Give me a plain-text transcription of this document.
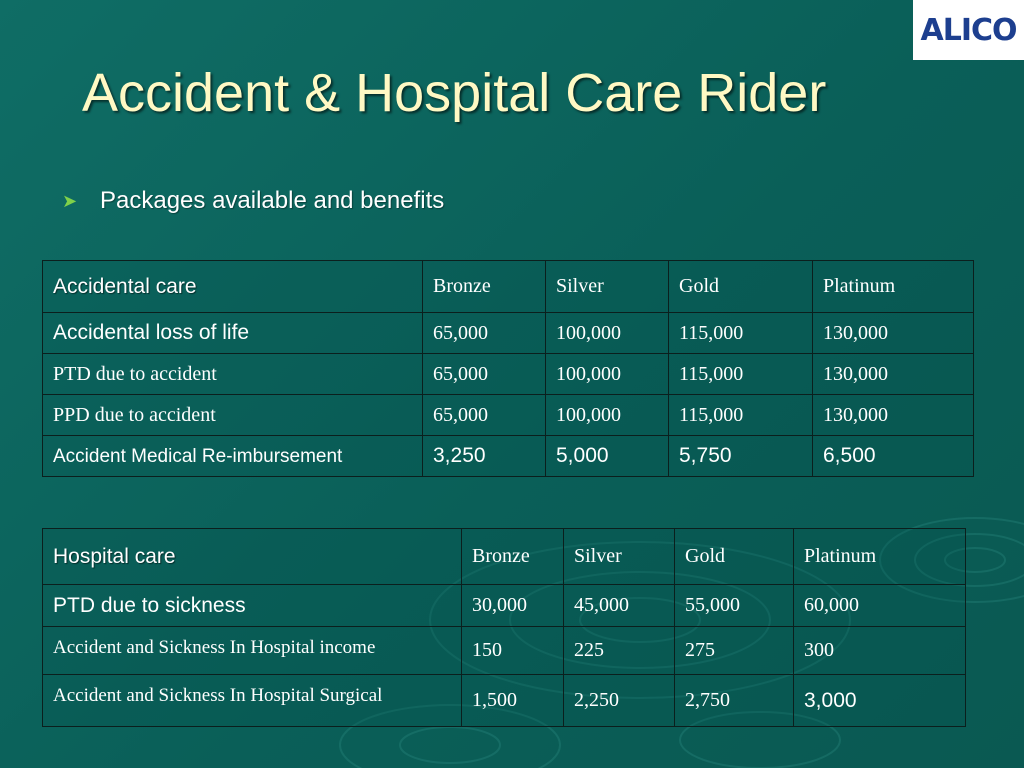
ALICO
Accident & Hospital Care Rider
➤ Packages available and benefits
Accidental care	Bronze	Silver	Gold	Platinum
Accidental loss of life	65,000	100,000	115,000	130,000
PTD due to accident	65,000	100,000	115,000	130,000
PPD due to accident	65,000	100,000	115,000	130,000
Accident Medical Re-imbursement	3,250	5,000	5,750	6,500
Hospital care	Bronze	Silver	Gold	Platinum
PTD due to sickness	30,000	45,000	55,000	60,000
Accident and Sickness In Hospital income	150	225	275	300
Accident and Sickness In Hospital Surgical	1,500	2,250	2,750	3,000
